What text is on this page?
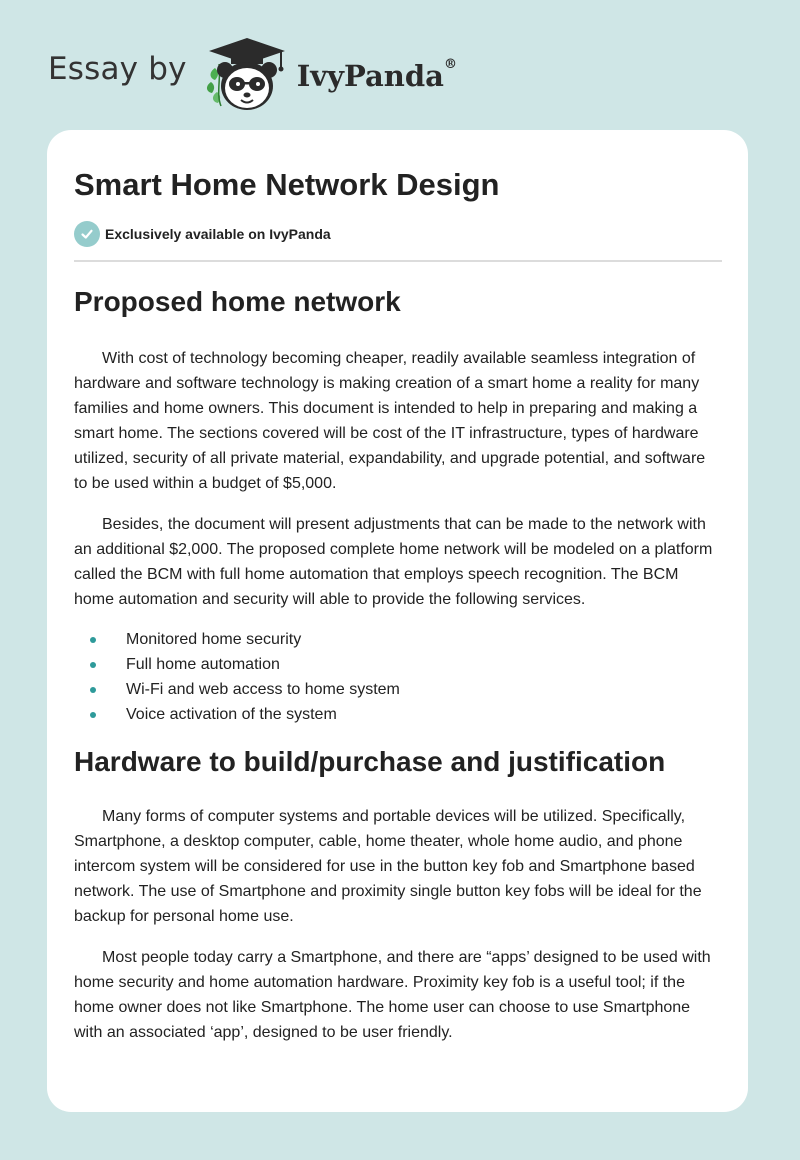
Essay by	IvyPanda®
Smart Home Network Design
Exclusively available on IvyPanda
Proposed home network

With cost of technology becoming cheaper, readily available seamless integration of hardware and software technology is making creation of a smart home a reality for many families and home owners. This document is intended to help in preparing and making a smart home. The sections covered will be cost of the IT infrastructure, types of hardware utilized, security of all private material, expandability, and upgrade potential, and software to be used within a budget of $5,000.

Besides, the document will present adjustments that can be made to the network with an additional $2,000. The proposed complete home network will be modeled on a platform called the BCM with full home automation that employs speech recognition. The BCM home automation and security will able to provide the following services.

Monitored home security
Full home automation
Wi-Fi and web access to home system
Voice activation of the system
Hardware to build/purchase and justification

Many forms of computer systems and portable devices will be utilized. Specifically, Smartphone, a desktop computer, cable, home theater, whole home audio, and phone intercom system will be considered for use in the button key fob and Smartphone based network. The use of Smartphone and proximity single button key fobs will be ideal for the backup for personal home use.

Most people today carry a Smartphone, and there are “apps’ designed to be used with home security and home automation hardware. Proximity key fob is a useful tool; if the home owner does not like Smartphone. The home user can choose to use Smartphone with an associated ‘app’, designed to be user friendly.
